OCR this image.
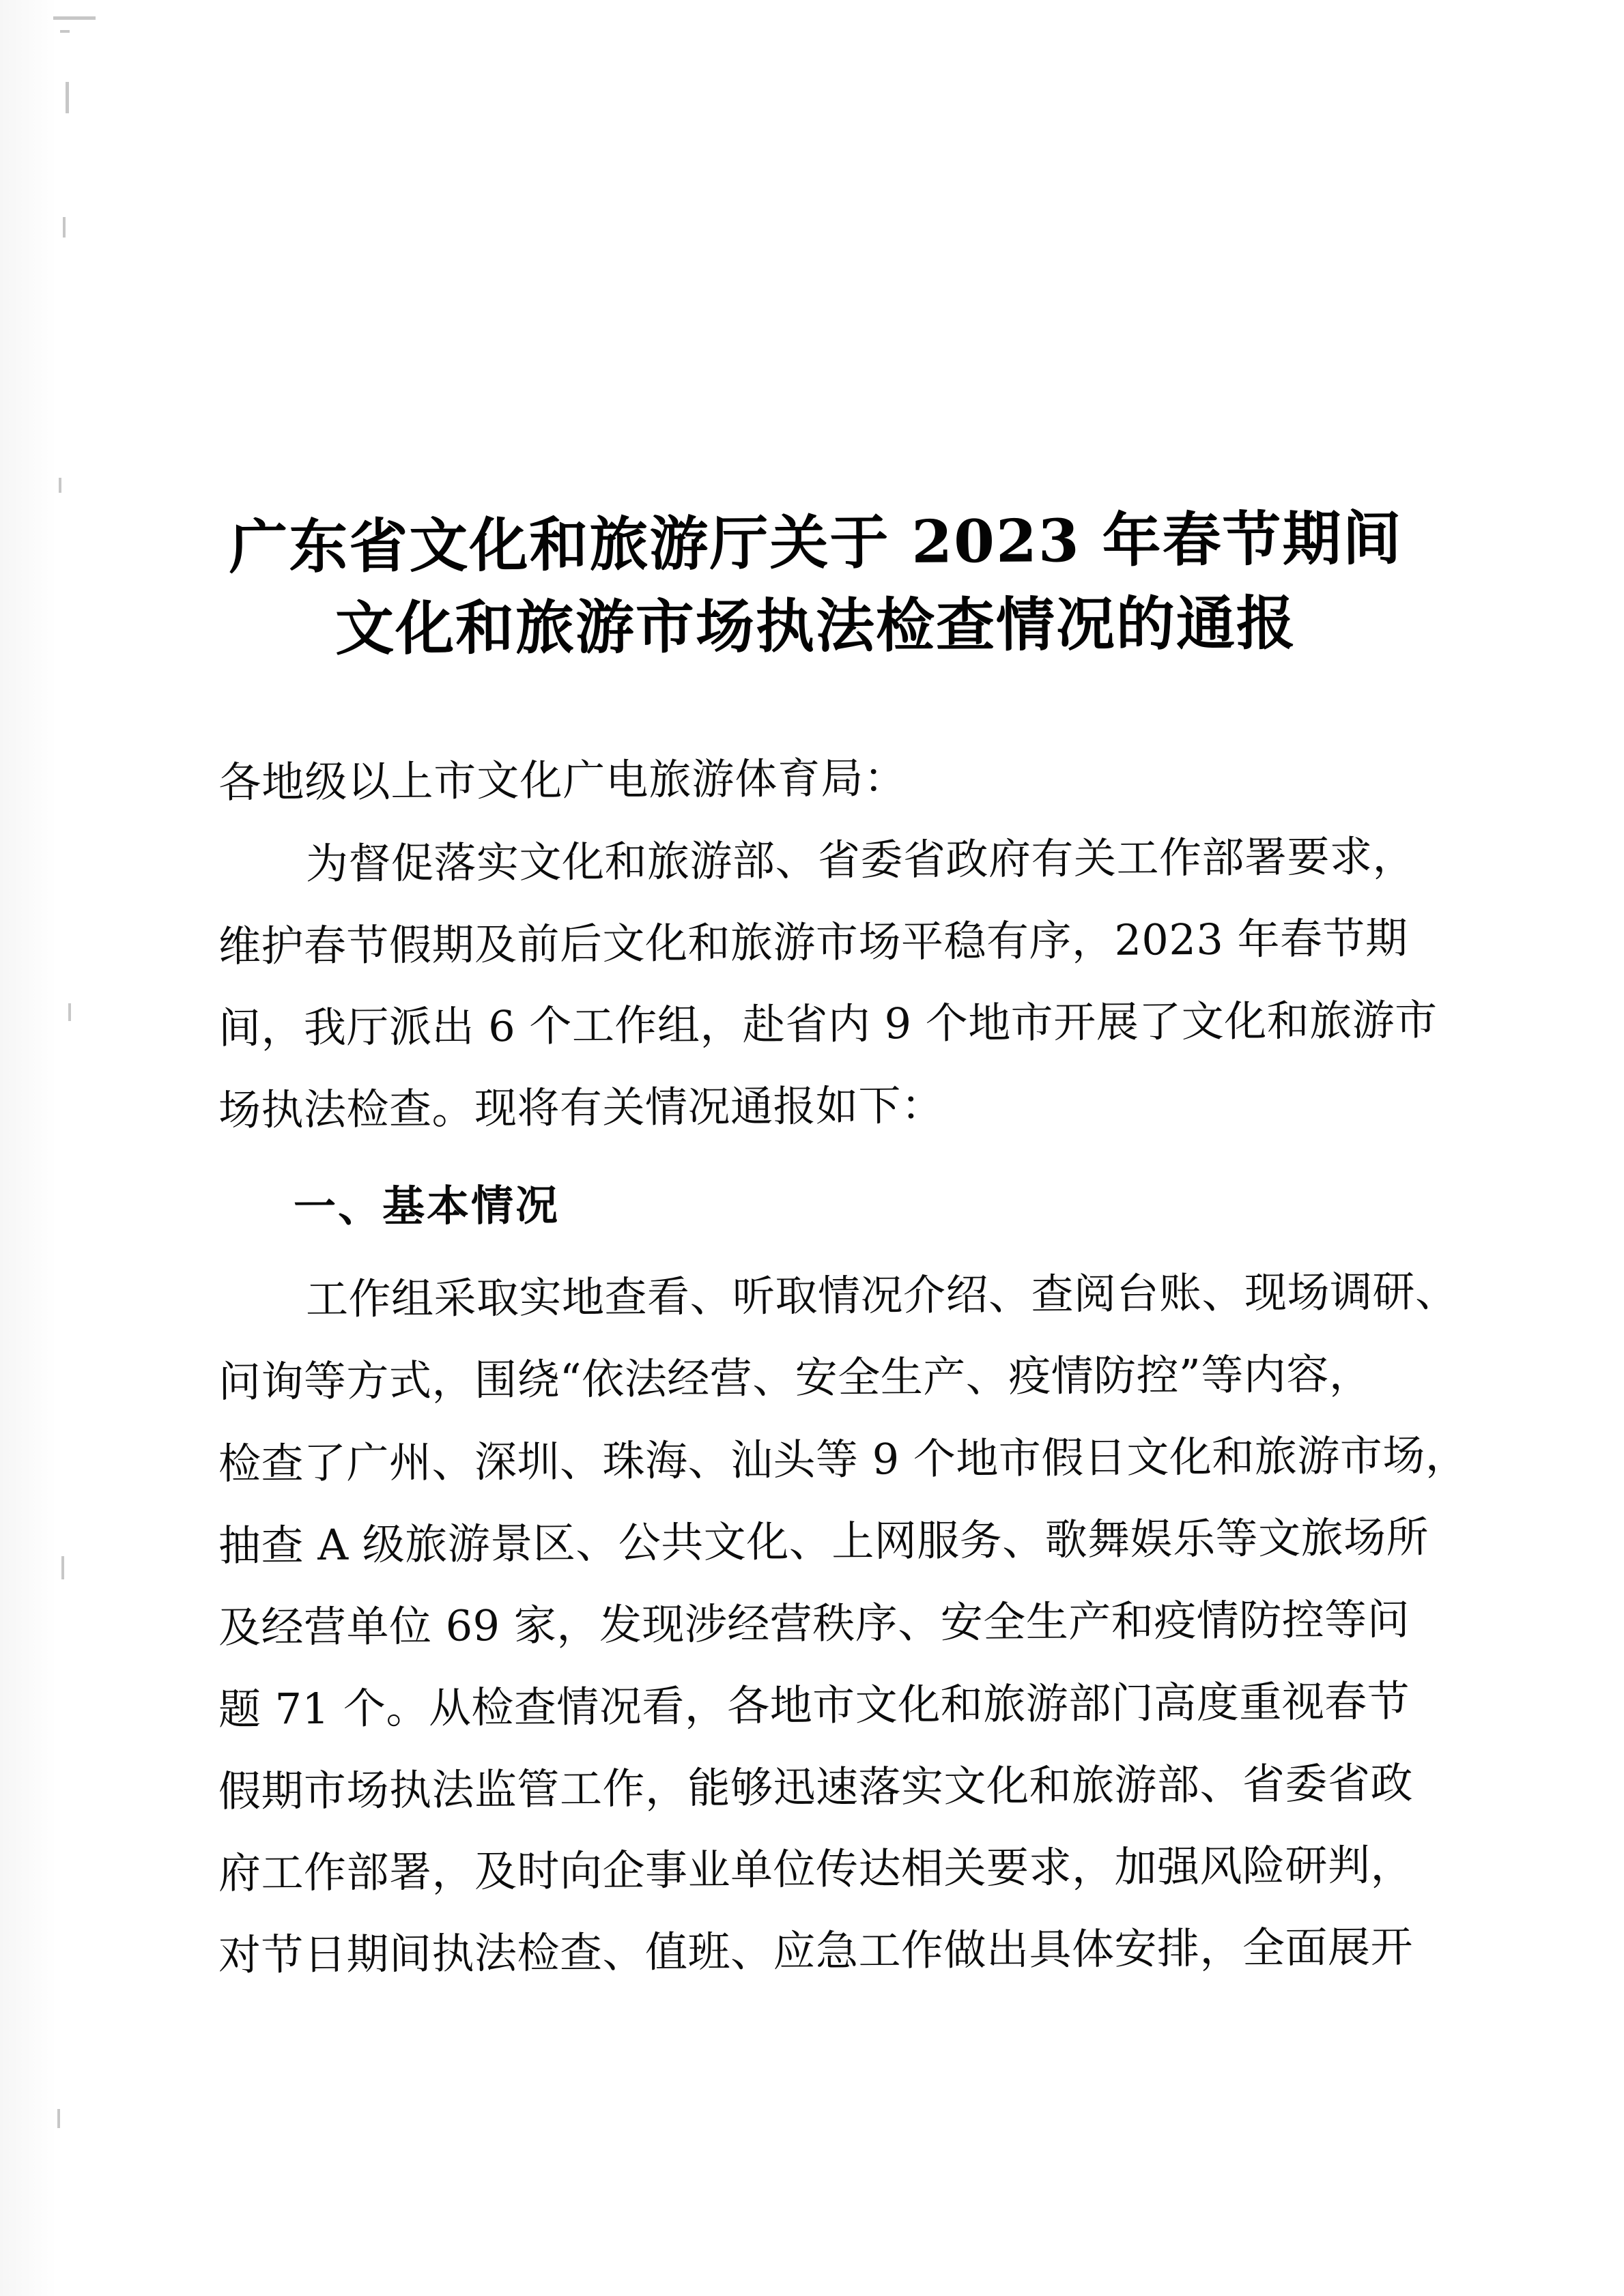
广东省文化和旅游厅关于 2023 年春节期间
文化和旅游市场执法检查情况的通报

各地级以上市文化广电旅游体育局：

为督促落实文化和旅游部、省委省政府有关工作部署要求，
维护春节假期及前后文化和旅游市场平稳有序，2023 年春节期
间，我厅派出 6 个工作组，赴省内 9 个地市开展了文化和旅游市
场执法检查。现将有关情况通报如下：
一、基本情况
工作组采取实地查看、听取情况介绍、查阅台账、现场调研、
问询等方式，围绕“依法经营、安全生产、疫情防控”等内容，
检查了广州、深圳、珠海、汕头等 9 个地市假日文化和旅游市场，
抽查 A 级旅游景区、公共文化、上网服务、歌舞娱乐等文旅场所
及经营单位 69 家，发现涉经营秩序、安全生产和疫情防控等问
题 71 个。从检查情况看，各地市文化和旅游部门高度重视春节
假期市场执法监管工作，能够迅速落实文化和旅游部、省委省政
府工作部署，及时向企事业单位传达相关要求，加强风险研判，
对节日期间执法检查、值班、应急工作做出具体安排，全面展开
